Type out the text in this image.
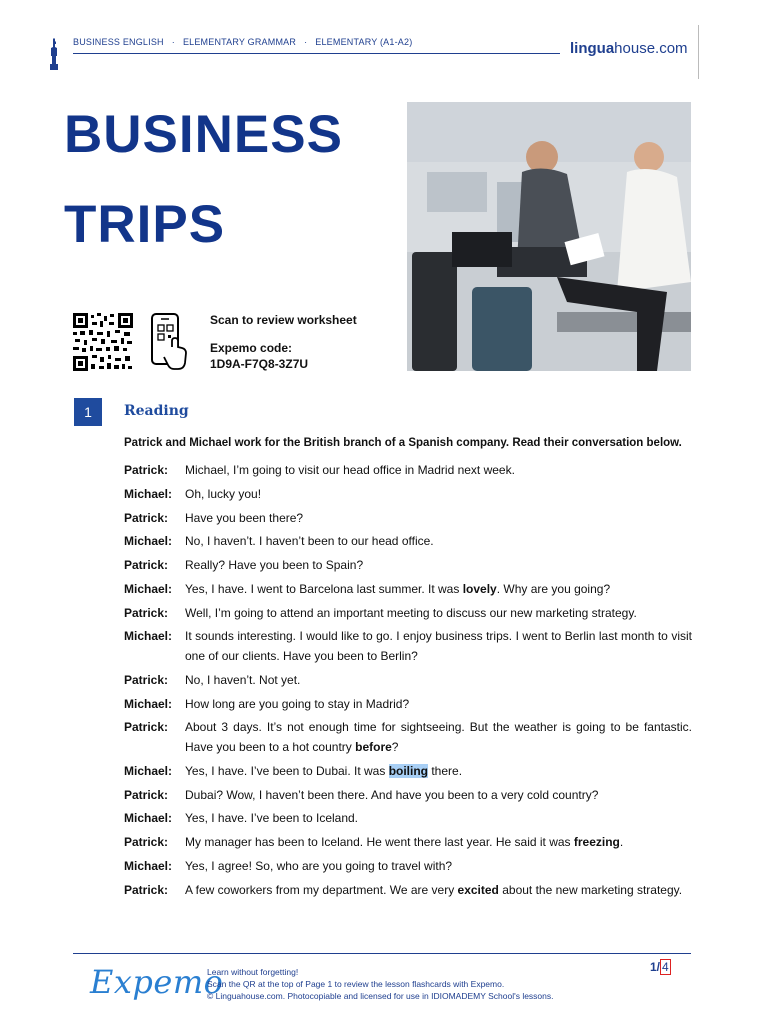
BUSINESS ENGLISH · ELEMENTARY GRAMMAR · ELEMENTARY (A1-A2)	linguahouse.com
BUSINESS
TRIPS
Scan to review worksheet
Expemo code:
1D9A-F7Q8-3Z7U
1	Reading
Patrick and Michael work for the British branch of a Spanish company. Read their conversation below.
Patrick:	Michael, I’m going to visit our head office in Madrid next week.
Michael:	Oh, lucky you!
Patrick:	Have you been there?
Michael:	No, I haven’t. I haven’t been to our head office.
Patrick:	Really? Have you been to Spain?
Michael:	Yes, I have. I went to Barcelona last summer. It was lovely. Why are you going?
Patrick:	Well, I’m going to attend an important meeting to discuss our new marketing strategy.
Michael:	It sounds interesting. I would like to go. I enjoy business trips. I went to Berlin last month to visit one of our clients. Have you been to Berlin?
Patrick:	No, I haven’t. Not yet.
Michael:	How long are you going to stay in Madrid?
Patrick:	About 3 days. It’s not enough time for sightseeing. But the weather is going to be fantastic. Have you been to a hot country before?
Michael:	Yes, I have. I’ve been to Dubai. It was boiling there.
Patrick:	Dubai? Wow, I haven’t been there. And have you been to a very cold country?
Michael:	Yes, I have. I’ve been to Iceland.
Patrick:	My manager has been to Iceland. He went there last year. He said it was freezing.
Michael:	Yes, I agree! So, who are you going to travel with?
Patrick:	A few coworkers from my department. We are very excited about the new marketing strategy.
Expemo
Learn without forgetting!
Scan the QR at the top of Page 1 to review the lesson flashcards with Expemo.
© Linguahouse.com. Photocopiable and licensed for use in IDIOMADEMY School's lessons.
1/ 4
